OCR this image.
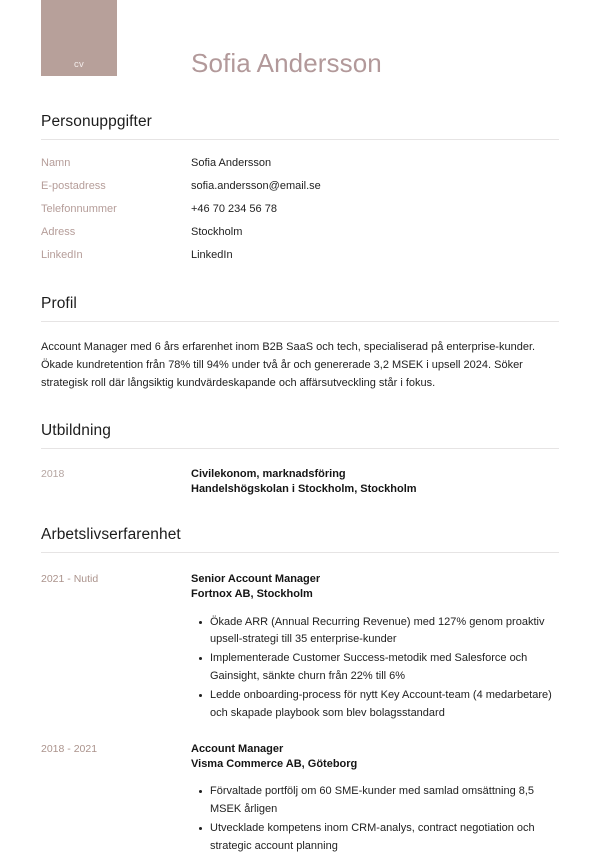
cv	Sofia Andersson
Personuppgifter
Namn	Sofia Andersson
E-postadress	sofia.andersson@email.se
Telefonnummer	+46 70 234 56 78
Adress	Stockholm
LinkedIn	LinkedIn
Profil

Account Manager med 6 års erfarenhet inom B2B SaaS och tech, specialiserad på enterprise-kunder. Ökade kundretention från 78% till 94% under två år och genererade 3,2 MSEK i upsell 2024. Söker strategisk roll där långsiktig kundvärdeskapande och affärsutveckling står i fokus.

Utbildning
2018	Civilekonom, marknadsföring
Handelshögskolan i Stockholm, Stockholm
Arbetslivserfarenhet
2021 - Nutid	Senior Account Manager
Fortnox AB, Stockholm
Ökade ARR (Annual Recurring Revenue) med 127% genom proaktiv upsell-strategi till 35 enterprise-kunder
Implementerade Customer Success-metodik med Salesforce och Gainsight, sänkte churn från 22% till 6%
Ledde onboarding-process för nytt Key Account-team (4 medarbetare) och skapade playbook som blev bolagsstandard
2018 - 2021	Account Manager
Visma Commerce AB, Göteborg
Förvaltade portfölj om 60 SME-kunder med samlad omsättning 8,5 MSEK årligen
Utvecklade kompetens inom CRM-analys, contract negotiation och strategic account planning
